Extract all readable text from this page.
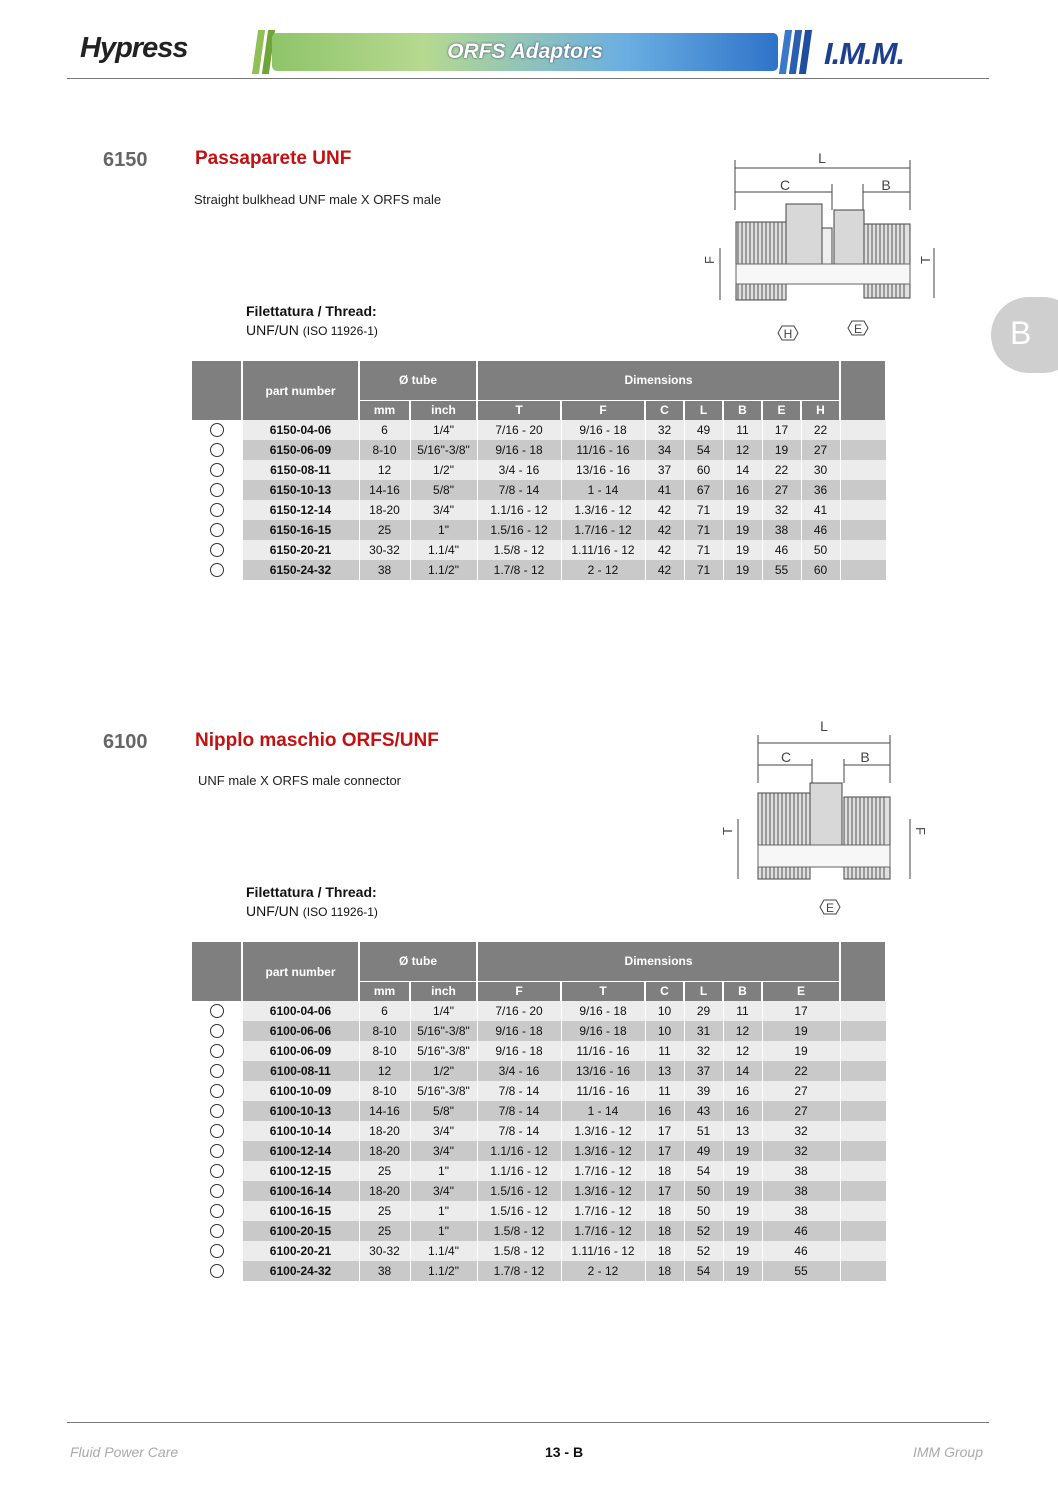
Hypress	ORFS Adaptors	I.M.M.
B
6150	Passaparete UNF
Straight bulkhead UNF male X ORFS male
Filettatura / Thread:
UNF/UN (ISO 11926-1)
L
C	B
F	T
H	E
	part number	Ø tube		Dimensions							
		mm	inch	T	F	C	L	B	E	H	
	6150-04-06	6	1/4"	7/16 - 20	9/16 - 18	32	49	11	17	22	
	6150-06-09	8-10	5/16"-3/8"	9/16 - 18	11/16 - 16	34	54	12	19	27	
	6150-08-11	12	1/2"	3/4 - 16	13/16 - 16	37	60	14	22	30	
	6150-10-13	14-16	5/8"	7/8 - 14	1 - 14	41	67	16	27	36	
	6150-12-14	18-20	3/4"	1.1/16 - 12	1.3/16 - 12	42	71	19	32	41	
	6150-16-15	25	1"	1.5/16 - 12	1.7/16 - 12	42	71	19	38	46	
	6150-20-21	30-32	1.1/4"	1.5/8 - 12	1.11/16 - 12	42	71	19	46	50	
	6150-24-32	38	1.1/2"	1.7/8 - 12	2 - 12	42	71	19	55	60	
6100	Nipplo maschio ORFS/UNF
UNF male X ORFS male connector
Filettatura / Thread:
UNF/UN (ISO 11926-1)
L
C	B
T	F
E
	part number	Ø tube		Dimensions						
		mm	inch	F	T	C	L	B	E	
	6100-04-06	6	1/4"	7/16 - 20	9/16 - 18	10	29	11	17	
	6100-06-06	8-10	5/16"-3/8"	9/16 - 18	9/16 - 18	10	31	12	19	
	6100-06-09	8-10	5/16"-3/8"	9/16 - 18	11/16 - 16	11	32	12	19	
	6100-08-11	12	1/2"	3/4 - 16	13/16 - 16	13	37	14	22	
	6100-10-09	8-10	5/16"-3/8"	7/8 - 14	11/16 - 16	11	39	16	27	
	6100-10-13	14-16	5/8"	7/8 - 14	1 - 14	16	43	16	27	
	6100-10-14	18-20	3/4"	7/8 - 14	1.3/16 - 12	17	51	13	32	
	6100-12-14	18-20	3/4"	1.1/16 - 12	1.3/16 - 12	17	49	19	32	
	6100-12-15	25	1"	1.1/16 - 12	1.7/16 - 12	18	54	19	38	
	6100-16-14	18-20	3/4"	1.5/16 - 12	1.3/16 - 12	17	50	19	38	
	6100-16-15	25	1"	1.5/16 - 12	1.7/16 - 12	18	50	19	38	
	6100-20-15	25	1"	1.5/8 - 12	1.7/16 - 12	18	52	19	46	
	6100-20-21	30-32	1.1/4"	1.5/8 - 12	1.11/16 - 12	18	52	19	46	
	6100-24-32	38	1.1/2"	1.7/8 - 12	2 - 12	18	54	19	55	
Fluid Power Care	13 - B	IMM Group
